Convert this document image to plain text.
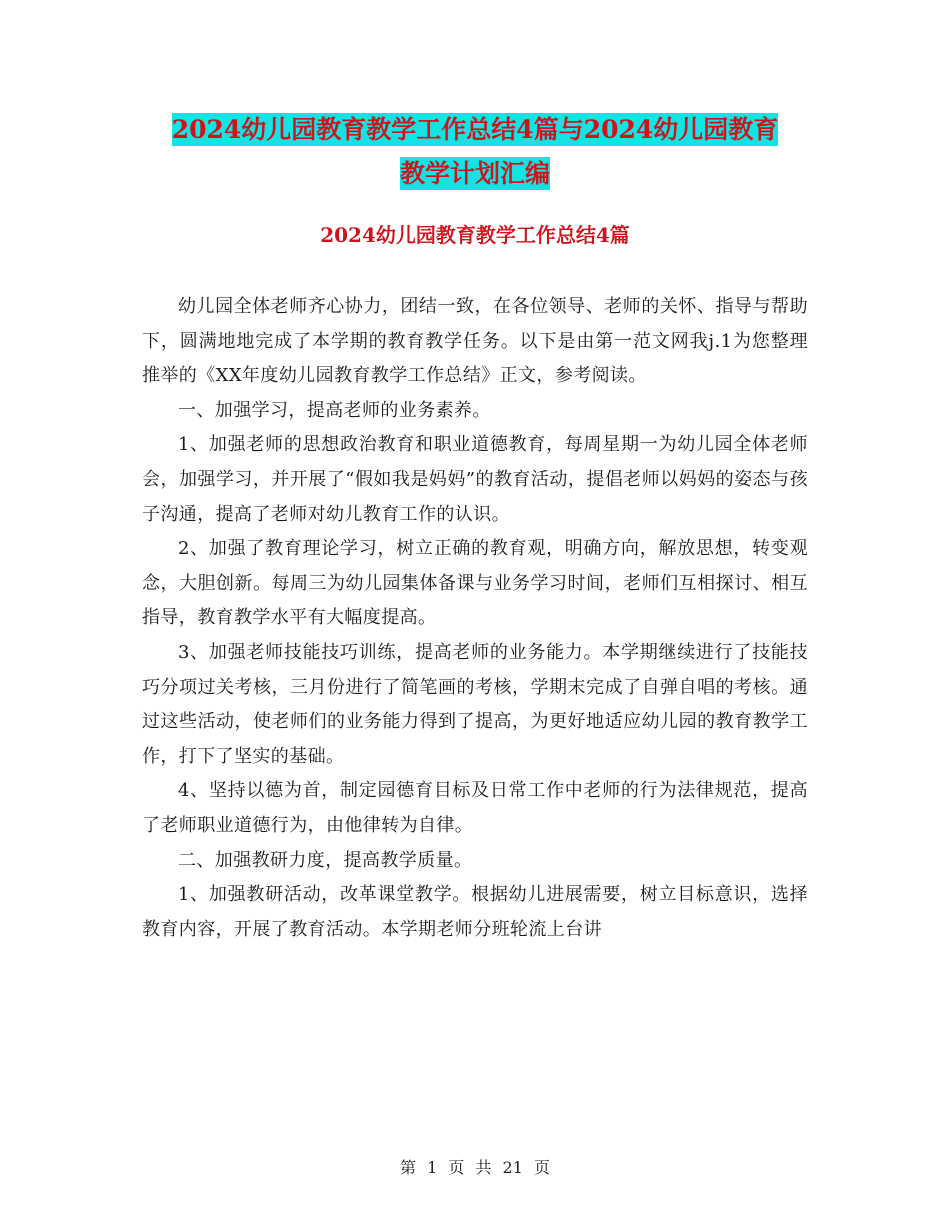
2024幼儿园教育教学工作总结4篇与2024幼儿园教育
教学计划汇编
2024幼儿园教育教学工作总结4篇

幼儿园全体老师齐心协力，团结一致，在各位领导、老师的关怀、指导与帮助下，圆满地地完成了本学期的教育教学任务。以下是由第一范文网我j.1为您整理推举的《XX年度幼儿园教育教学工作总结》正文，参考阅读。

一、加强学习，提高老师的业务素养。

1、加强老师的思想政治教育和职业道德教育，每周星期一为幼儿园全体老师会，加强学习，并开展了“假如我是妈妈”的教育活动，提倡老师以妈妈的姿态与孩子沟通，提高了老师对幼儿教育工作的认识。

2、加强了教育理论学习，树立正确的教育观，明确方向，解放思想，转变观念，大胆创新。每周三为幼儿园集体备课与业务学习时间，老师们互相探讨、相互指导，教育教学水平有大幅度提高。

3、加强老师技能技巧训练，提高老师的业务能力。本学期继续进行了技能技巧分项过关考核，三月份进行了简笔画的考核，学期末完成了自弹自唱的考核。通过这些活动，使老师们的业务能力得到了提高，为更好地适应幼儿园的教育教学工作，打下了坚实的基础。

4、坚持以德为首，制定园德育目标及日常工作中老师的行为法律规范，提高了老师职业道德行为，由他律转为自律。

二、加强教研力度，提高教学质量。

1、加强教研活动，改革课堂教学。根据幼儿进展需要，树立目标意识，选择教育内容，开展了教育活动。本学期老师分班轮流上台讲

第 1 页 共 21 页
